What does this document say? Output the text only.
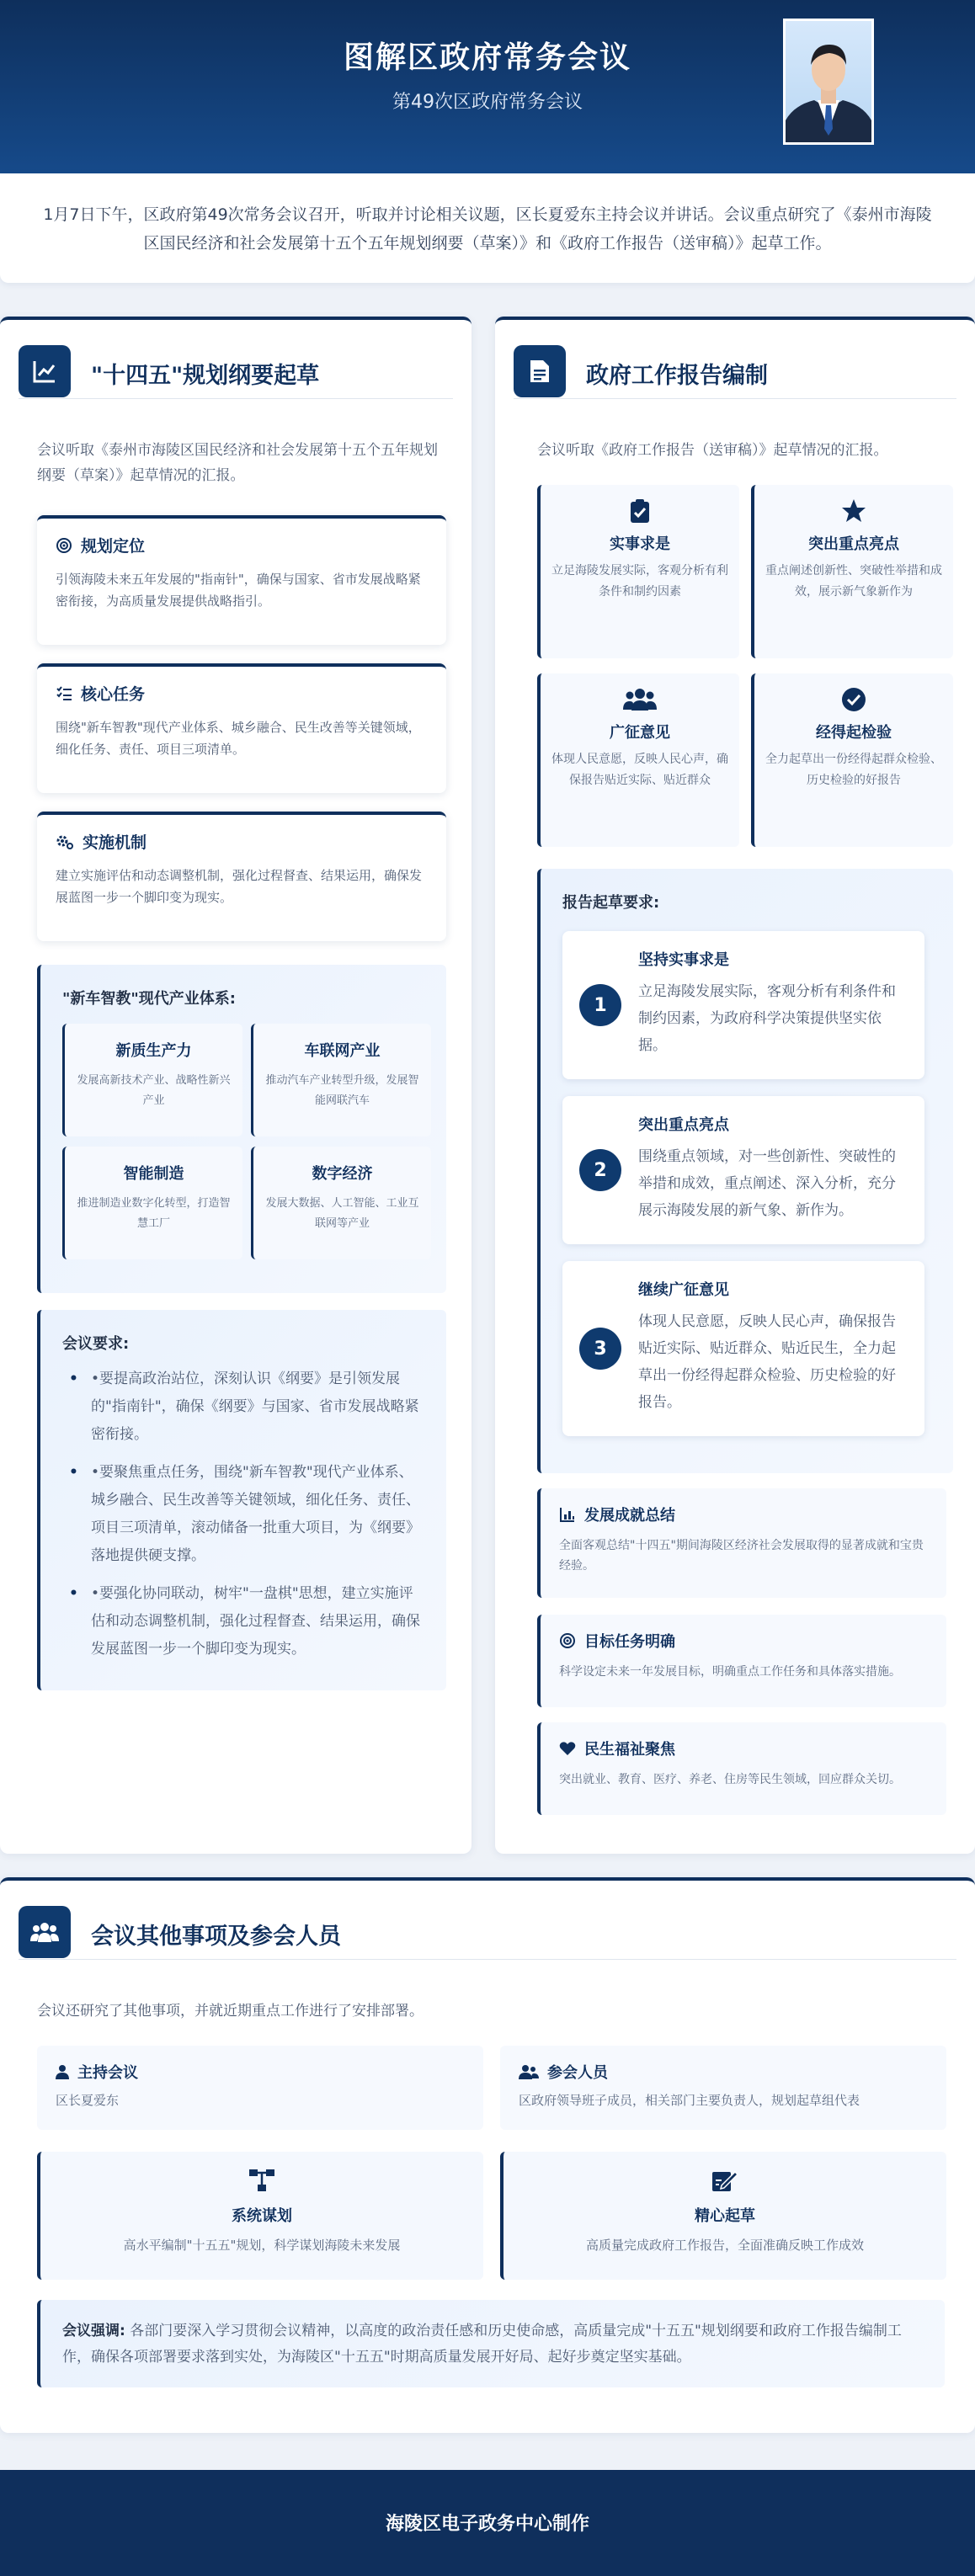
图解区政府常务会议
第49次区政府常务会议
1月7日下午，区政府第49次常务会议召开，听取并讨论相关议题，区长夏爱东主持会议并讲话。会议重点研究了《泰州市海陵区国民经济和社会发展第十五个五年规划纲要（草案）》和《政府工作报告（送审稿）》起草工作。
"十四五"规划纲要起草
会议听取《泰州市海陵区国民经济和社会发展第十五个五年规划纲要（草案）》起草情况的汇报。
规划定位
引领海陵未来五年发展的"指南针"，确保与国家、省市发展战略紧密衔接，为高质量发展提供战略指引。
核心任务
围绕"新车智教"现代产业体系、城乡融合、民生改善等关键领域，细化任务、责任、项目三项清单。
实施机制
建立实施评估和动态调整机制，强化过程督查、结果运用，确保发展蓝图一步一个脚印变为现实。
"新车智教"现代产业体系:
新质生产力
发展高新技术产业、战略性新兴产业
车联网产业
推动汽车产业转型升级，发展智能网联汽车
智能制造
推进制造业数字化转型，打造智慧工厂
数字经济
发展大数据、人工智能、工业互联网等产业
会议要求:
• •要提高政治站位，深刻认识《纲要》是引领发展的"指南针"，确保《纲要》与国家、省市发展战略紧密衔接。
• •要聚焦重点任务，围绕"新车智教"现代产业体系、城乡融合、民生改善等关键领域，细化任务、责任、项目三项清单，滚动储备一批重大项目，为《纲要》落地提供硬支撑。
• •要强化协同联动，树牢"一盘棋"思想，建立实施评估和动态调整机制，强化过程督查、结果运用，确保发展蓝图一步一个脚印变为现实。
政府工作报告编制
会议听取《政府工作报告（送审稿）》起草情况的汇报。
实事求是
立足海陵发展实际，客观分析有利条件和制约因素
突出重点亮点
重点阐述创新性、突破性举措和成效，展示新气象新作为
广征意见
体现人民意愿，反映人民心声，确保报告贴近实际、贴近群众
经得起检验
全力起草出一份经得起群众检验、历史检验的好报告
报告起草要求:
1
坚持实事求是
立足海陵发展实际，客观分析有利条件和制约因素，为政府科学决策提供坚实依据。
2
突出重点亮点
围绕重点领域，对一些创新性、突破性的举措和成效，重点阐述、深入分析，充分展示海陵发展的新气象、新作为。
3
继续广征意见
体现人民意愿，反映人民心声，确保报告贴近实际、贴近群众、贴近民生，全力起草出一份经得起群众检验、历史检验的好报告。
发展成就总结
全面客观总结"十四五"期间海陵区经济社会发展取得的显著成就和宝贵经验。
目标任务明确
科学设定未来一年发展目标，明确重点工作任务和具体落实措施。
民生福祉聚焦
突出就业、教育、医疗、养老、住房等民生领域，回应群众关切。
会议其他事项及参会人员
会议还研究了其他事项，并就近期重点工作进行了安排部署。
主持会议
区长夏爱东
参会人员
区政府领导班子成员，相关部门主要负责人，规划起草组代表
系统谋划
高水平编制"十五五"规划，科学谋划海陵未来发展
精心起草
高质量完成政府工作报告，全面准确反映工作成效
会议强调: 各部门要深入学习贯彻会议精神，以高度的政治责任感和历史使命感，高质量完成"十五五"规划纲要和政府工作报告编制工作，确保各项部署要求落到实处，为海陵区"十五五"时期高质量发展开好局、起好步奠定坚实基础。
海陵区电子政务中心制作
